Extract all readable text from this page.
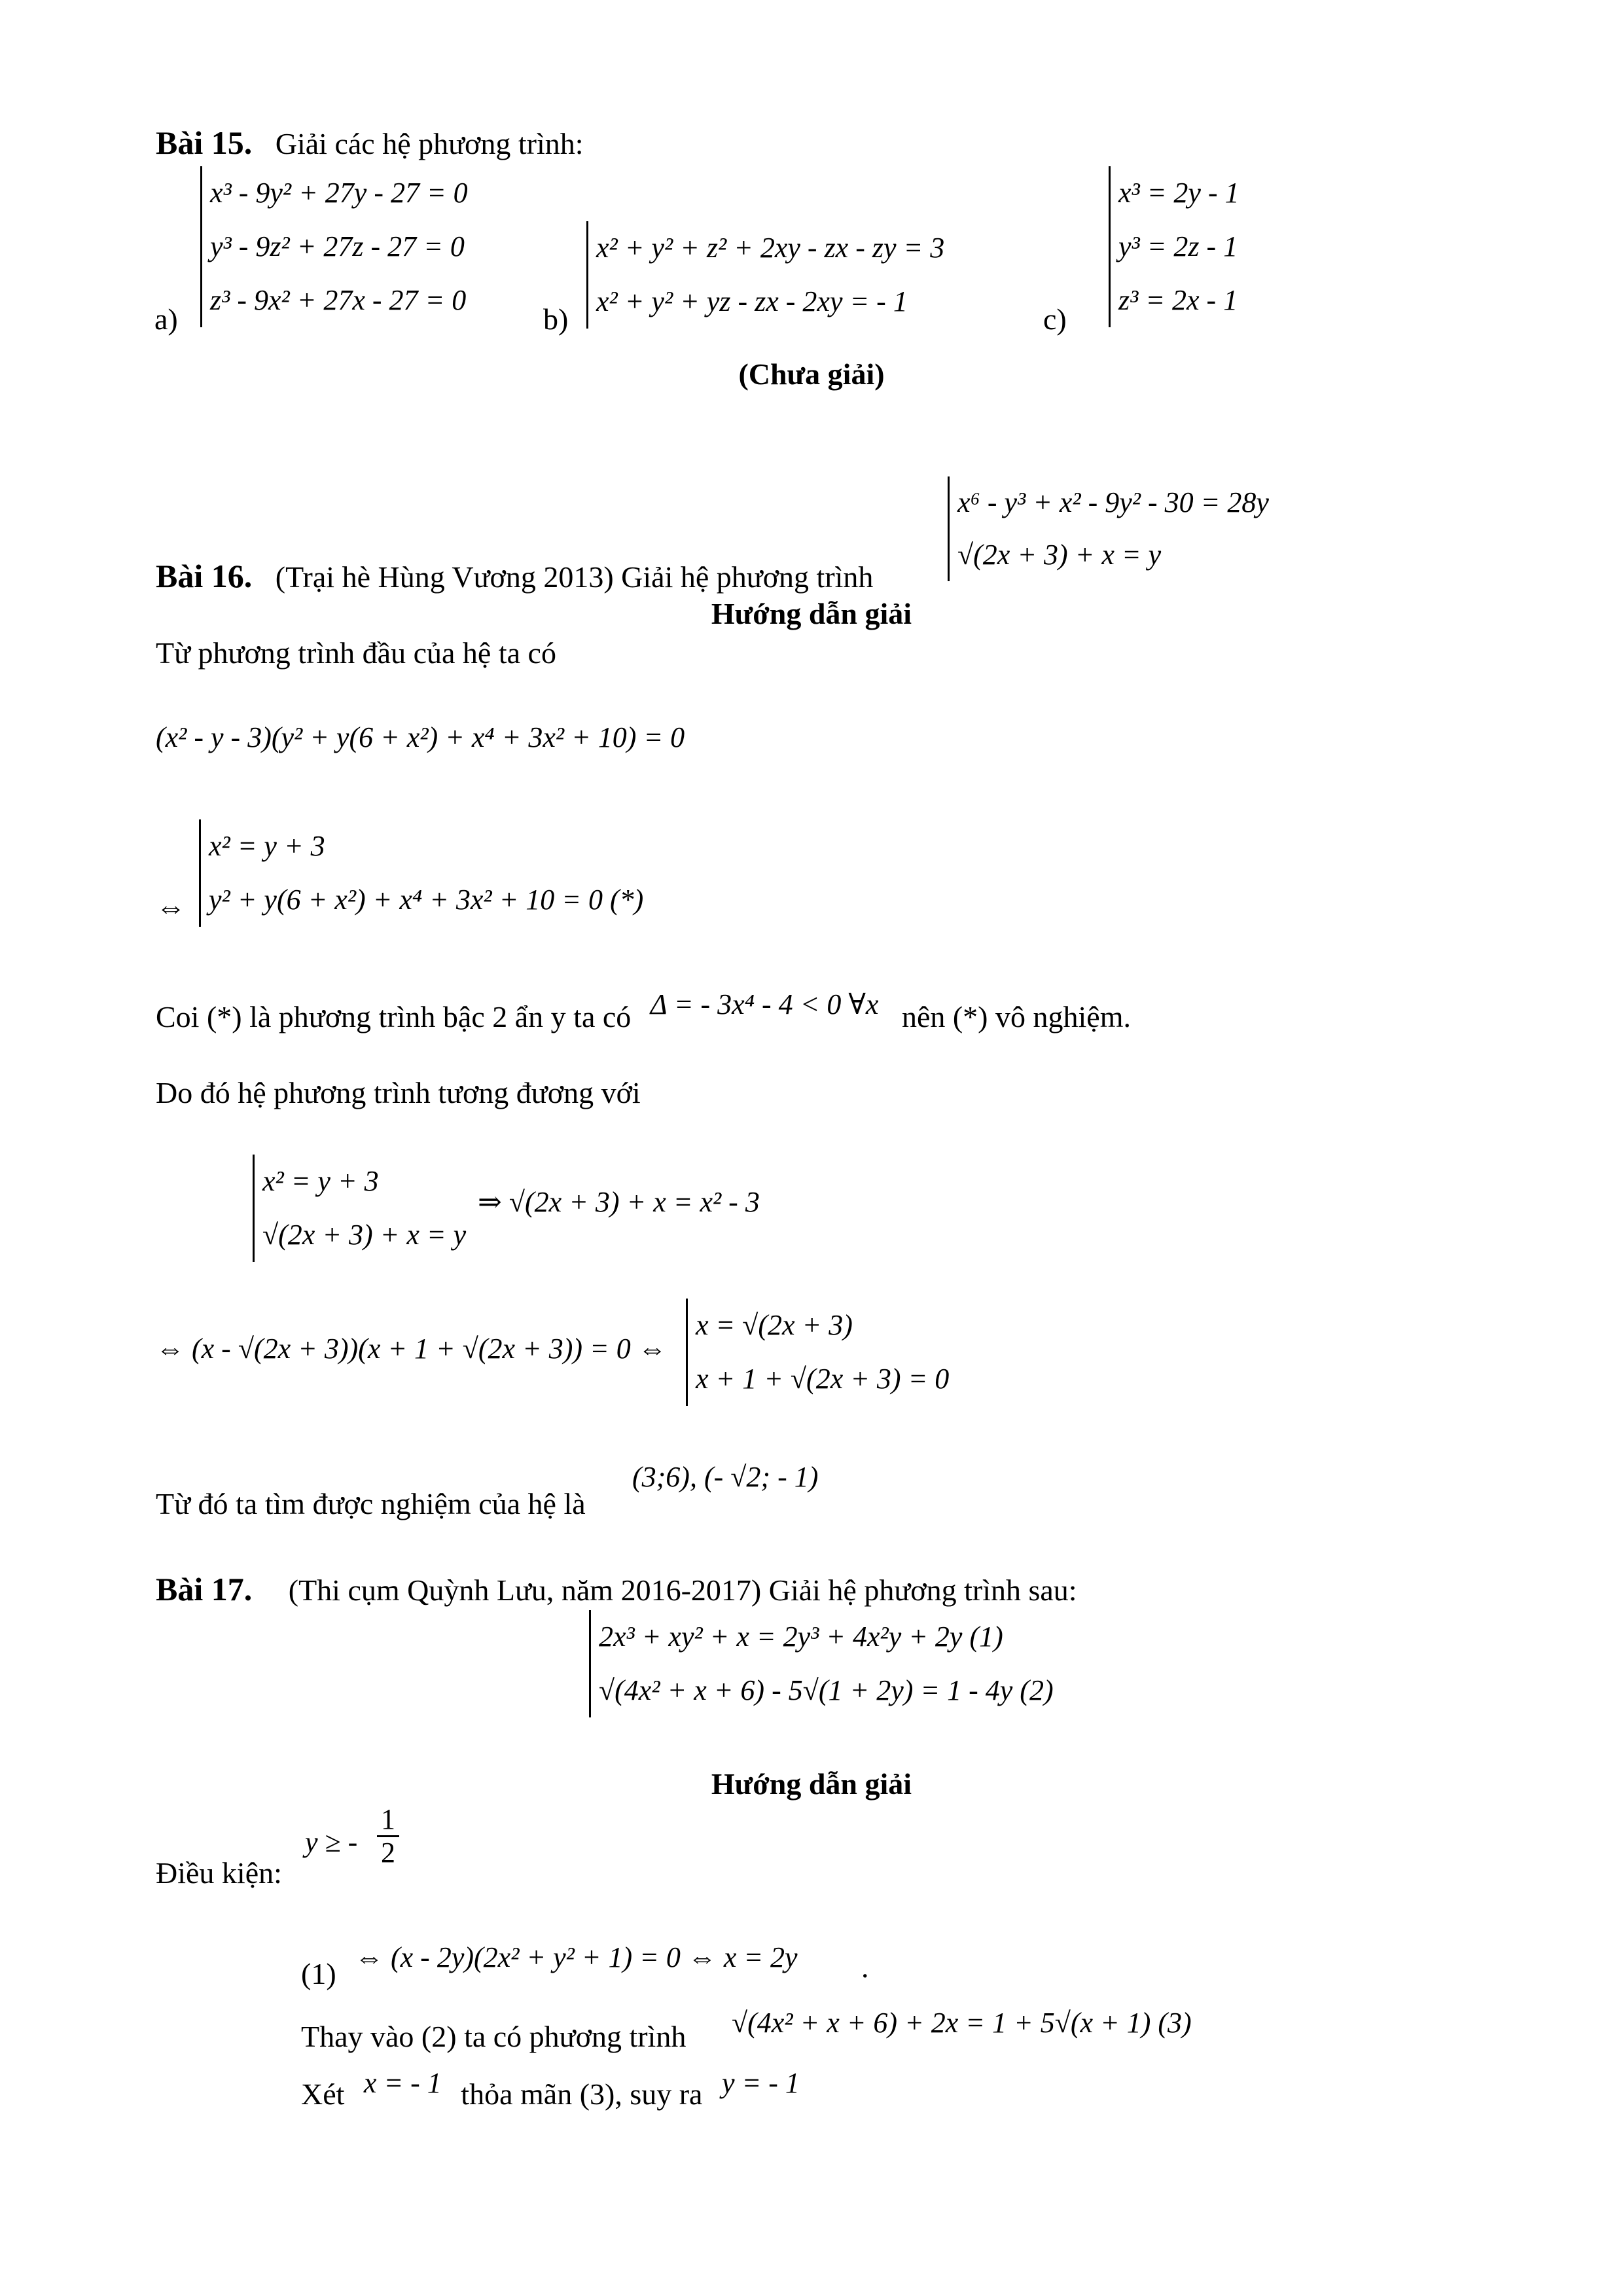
Bài 15. Giải các hệ phương trình:
x³ - 9y² + 27y - 27 = 0
y³ - 9z² + 27z - 27 = 0
z³ - 9x² + 27x - 27 = 0
a)
x² + y² + z² + 2xy - zx - zy = 3
x² + y² + yz - zx - 2xy = - 1
b)
x³ = 2y - 1
y³ = 2z - 1
z³ = 2x - 1
c)
(Chưa giải)
x⁶ - y³ + x² - 9y² - 30 = 28y
√(2x + 3) + x = y
Bài 16. (Trại hè Hùng Vương 2013) Giải hệ phương trình
Hướng dẫn giải
Từ phương trình đầu của hệ ta có
(x² - y - 3)(y² + y(6 + x²) + x⁴ + 3x² + 10) = 0
⇔
x² = y + 3
y² + y(6 + x²) + x⁴ + 3x² + 10 = 0 (*)
Coi (*) là phương trình bậc 2 ẩn y ta có Δ = - 3x⁴ - 4 < 0 ∀x nên (*) vô nghiệm.
Do đó hệ phương trình tương đương với
x² = y + 3
√(2x + 3) + x = y
⇒ √(2x + 3) + x = x² - 3
⇔ (x - √(2x + 3))(x + 1 + √(2x + 3)) = 0 ⇔
x = √(2x + 3)
x + 1 + √(2x + 3) = 0
Từ đó ta tìm được nghiệm của hệ là
(3;6), (- √2; - 1)
Bài 17. (Thi cụm Quỳnh Lưu, năm 2016-2017) Giải hệ phương trình sau:
2x³ + xy² + x = 2y³ + 4x²y + 2y (1)
√(4x² + x + 6) - 5√(1 + 2y) = 1 - 4y (2)
Hướng dẫn giải
Điều kiện:
y ≥ - $\frac{1}{2}$
(1) ⇔ (x - 2y)(2x² + y² + 1) = 0 ⇔ x = 2y .
Thay vào (2) ta có phương trình √(4x² + x + 6) + 2x = 1 + 5√(x + 1) (3)
Xét x = - 1 thỏa mãn (3), suy ra y = - 1
